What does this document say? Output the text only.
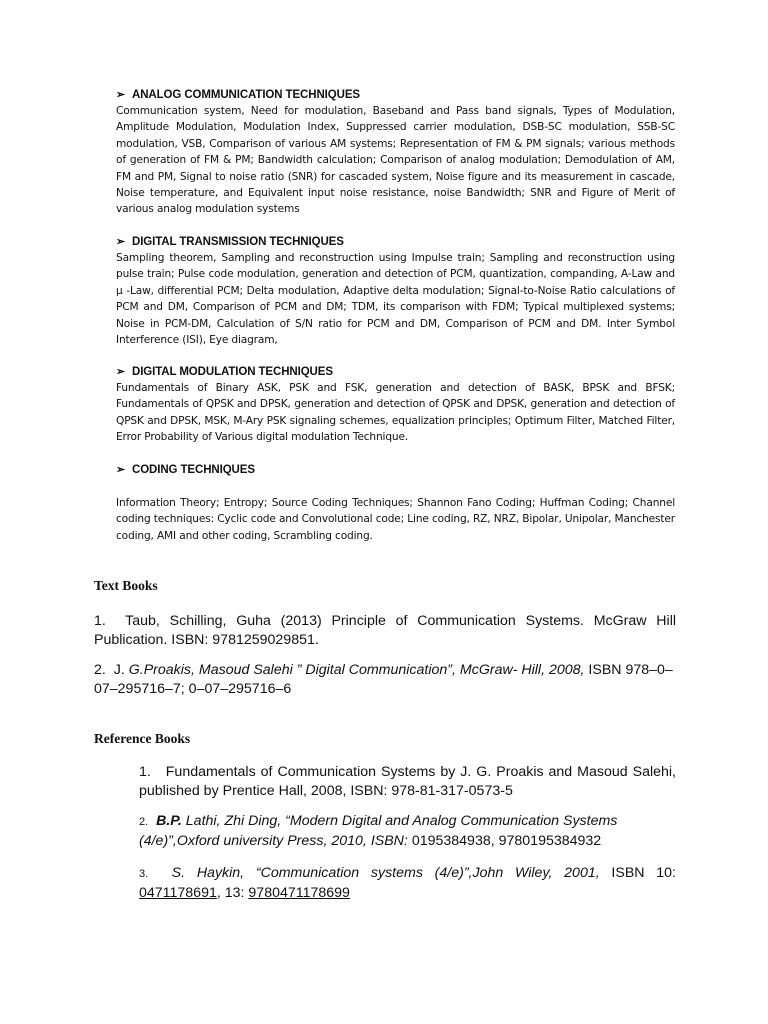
➢ ANALOG COMMUNICATION TECHNIQUES
Communication system, Need for modulation, Baseband and Pass band signals, Types of Modulation, Amplitude Modulation, Modulation Index, Suppressed carrier modulation, DSB-SC modulation, SSB-SC modulation, VSB, Comparison of various AM systems; Representation of FM & PM signals; various methods of generation of FM & PM; Bandwidth calculation; Comparison of analog modulation; Demodulation of AM, FM and PM, Signal to noise ratio (SNR) for cascaded system, Noise figure and its measurement in cascade, Noise temperature, and Equivalent input noise resistance, noise Bandwidth; SNR and Figure of Merit of various analog modulation systems
➢ DIGITAL TRANSMISSION TECHNIQUES
Sampling theorem, Sampling and reconstruction using Impulse train; Sampling and reconstruction using pulse train; Pulse code modulation, generation and detection of PCM, quantization, companding, A-Law and µ -Law, differential PCM; Delta modulation, Adaptive delta modulation; Signal-to-Noise Ratio calculations of PCM and DM, Comparison of PCM and DM; TDM, its comparison with FDM; Typical multiplexed systems; Noise in PCM-DM, Calculation of S/N ratio for PCM and DM, Comparison of PCM and DM. Inter Symbol Interference (ISI), Eye diagram,
➢ DIGITAL MODULATION TECHNIQUES
Fundamentals of Binary ASK, PSK and FSK, generation and detection of BASK, BPSK and BFSK; Fundamentals of QPSK and DPSK, generation and detection of QPSK and DPSK, generation and detection of QPSK and DPSK, MSK, M-Ary PSK signaling schemes, equalization principles; Optimum Filter, Matched Filter, Error Probability of Various digital modulation Technique.
➢ CODING TECHNIQUES
Information Theory; Entropy; Source Coding Techniques; Shannon Fano Coding; Huffman Coding; Channel coding techniques: Cyclic code and Convolutional code; Line coding, RZ, NRZ, Bipolar, Unipolar, Manchester coding, AMI and other coding, Scrambling coding.
Text Books
1. Taub, Schilling, Guha (2013) Principle of Communication Systems. McGraw Hill Publication. ISBN: 9781259029851.
2. J. G.Proakis, Masoud Salehi ” Digital Communication”, McGraw- Hill, 2008, ISBN 978–0–07–295716–7; 0–07–295716–6
Reference Books
1. Fundamentals of Communication Systems by J. G. Proakis and Masoud Salehi, published by Prentice Hall, 2008, ISBN: 978-81-317-0573-5
2. B.P. Lathi, Zhi Ding, “Modern Digital and Analog Communication Systems (4/e)”,Oxford university Press, 2010, ISBN: 0195384938, 9780195384932
3. S. Haykin, “Communication systems (4/e)”,John Wiley, 2001, ISBN 10: 0471178691, 13: 9780471178699
